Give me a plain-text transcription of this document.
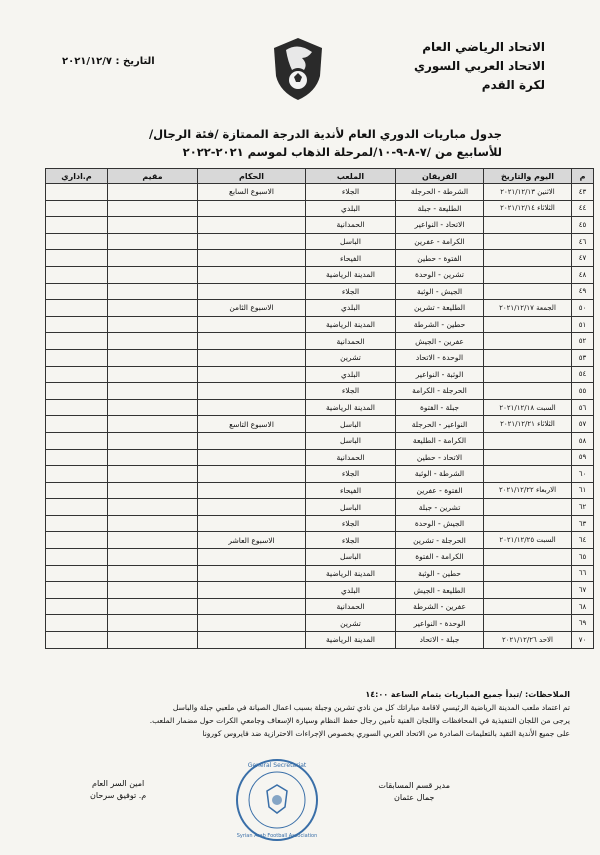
الاتحاد الرياضي العام
الاتحاد العربي السوري
لكرة القدم
التاريخ : ٢٠٢١/١٢/٧
جدول مباريات الدوري العام لأندية الدرجة الممتازة /فئة الرجال/
للأسابيع من /٧-٨-٩-١٠/لمرحلة الذهاب لموسم ٢٠٢١-٢٠٢٢
م	اليوم والتاريخ	الفريقان	الملعب	الحكام	مقيم	م.اداري
٤٣	الاثنين ٢٠٢١/١٢/١٣	الشرطة - الحرجلة	الجلاء	الاسبوع السابع		
٤٤	الثلاثاء ٢٠٢١/١٢/١٤	الطليعة - جبلة	البلدي			
٤٥		الاتحاد - النواعير	الحمدانية			
٤٦		الكرامة - عفرين	الباسل			
٤٧		الفتوة - حطين	الفيحاء			
٤٨		تشرين - الوحدة	المدينة الرياضية			
٤٩		الجيش - الوثبة	الجلاء			
٥٠	الجمعة ٢٠٢١/١٢/١٧	الطليعة - تشرين	البلدي	الاسبوع الثامن		
٥١		حطين - الشرطة	المدينة الرياضية			
٥٢		عفرين - الجيش	الحمدانية			
٥٣		الوحدة - الاتحاد	تشرين			
٥٤		الوثبة - النواعير	البلدي			
٥٥		الحرجلة - الكرامة	الجلاء			
٥٦	السبت ٢٠٢١/١٢/١٨	جبلة - الفتوة	المدينة الرياضية			
٥٧	الثلاثاء ٢٠٢١/١٢/٢١	النواعير - الحرجلة	الباسل	الاسبوع التاسع		
٥٨		الكرامة - الطليعة	الباسل			
٥٩		الاتحاد - حطين	الحمدانية			
٦٠		الشرطة - الوثبة	الجلاء			
٦١	الاربعاء ٢٠٢١/١٢/٢٢	الفتوة - عفرين	الفيحاء			
٦٢		تشرين - جبلة	الباسل			
٦٣		الجيش - الوحدة	الجلاء			
٦٤	السبت ٢٠٢١/١٢/٢٥	الحرجلة - تشرين	الجلاء	الاسبوع العاشر		
٦٥		الكرامة - الفتوة	الباسل			
٦٦		حطين - الوثبة	المدينة الرياضية			
٦٧		الطليعة - الجيش	البلدي			
٦٨		عفرين - الشرطة	الحمدانية			
٦٩		الوحدة - النواعير	تشرين			
٧٠	الاحد ٢٠٢١/١٢/٢٦	جبلة - الاتحاد	المدينة الرياضية			
الملاحظات: /تبدأ جميع المباريات بتمام الساعة ١٤:٠٠
تم اعتماد ملعب المدينة الرياضية الرئيسي لاقامة مباراتك كل من نادي تشرين وجبلة بسبب اعمال الصيانة في ملعبي جبلة والباسل
يرجى من اللجان التنفيذية في المحافظات واللجان الفنية تأمين رجال حفظ النظام وسيارة الإسعاف وجامعي الكرات حول مضمار الملعب.
على جميع الأندية التقيد بالتعليمات الصادرة من الاتحاد العربي السوري بخصوص الإجراءات الاحترازية ضد فايروس كورونا
مدير قسم المسابقات
جمال عثمان
General Secretariat
Syrian Arab Football Association
امين السر العام
م. توفيق سرحان
